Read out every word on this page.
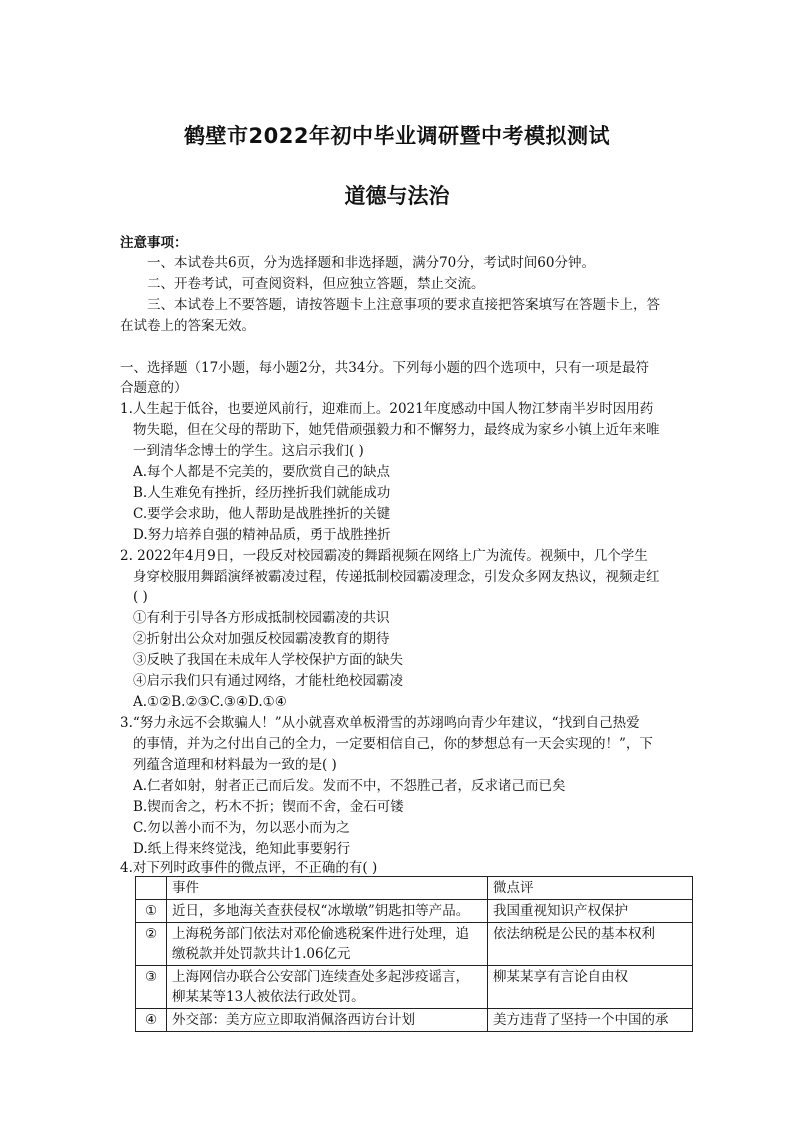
鹤壁市2022年初中毕业调研暨中考模拟测试
道德与法治
注意事项：
一、本试卷共6页，分为选择题和非选择题，满分70分，考试时间60分钟。
二、开卷考试，可查阅资料，但应独立答题，禁止交流。
三、本试卷上不要答题，请按答题卡上注意事项的要求直接把答案填写在答题卡上，答
在试卷上的答案无效。
一、选择题（17小题，每小题2分，共34分。下列每小题的四个选项中，只有一项是最符
合题意的）
1.人生起于低谷，也要逆风前行，迎难而上。2021年度感动中国人物江梦南半岁时因用药
物失聪，但在父母的帮助下，她凭借顽强毅力和不懈努力，最终成为家乡小镇上近年来唯
一到清华念博士的学生。这启示我们( )
A.每个人都是不完美的，要欣赏自己的缺点
B.人生难免有挫折，经历挫折我们就能成功
C.要学会求助，他人帮助是战胜挫折的关键
D.努力培养自强的精神品质，勇于战胜挫折
2. 2022年4月9日，一段反对校园霸凌的舞蹈视频在网络上广为流传。视频中，几个学生
身穿校服用舞蹈演绎被霸凌过程，传递抵制校园霸凌理念，引发众多网友热议，视频走红
( )
①有利于引导各方形成抵制校园霸凌的共识
②折射出公众对加强反校园霸凌教育的期待
③反映了我国在未成年人学校保护方面的缺失
④启示我们只有通过网络，才能杜绝校园霸凌
A.①②B.②③C.③④D.①④
3.“努力永远不会欺骗人！”从小就喜欢单板滑雪的苏翊鸣向青少年建议，“找到自己热爱
的事情，并为之付出自己的全力，一定要相信自己，你的梦想总有一天会实现的！”，下
列蕴含道理和材料最为一致的是( )
A.仁者如射，射者正己而后发。发而不中，不怨胜己者，反求诸己而已矣
B.锲而舍之，朽木不折；锲而不舍，金石可镂
C.勿以善小而不为，勿以恶小而为之
D.纸上得来终觉浅，绝知此事要躬行
4.对下列时政事件的微点评，不正确的有( )
	事件	微点评
①	近日，多地海关查获侵权“冰墩墩”钥匙扣等产品。	我国重视知识产权保护

②	上海税务部门依法对邓伦偷逃税案件进行处理，追
缴税款并处罚款共计1.06亿元	依法纳税是公民的基本权利

③	上海网信办联合公安部门连续查处多起涉疫谣言，
柳某某等13人被依法行政处罚。	柳某某享有言论自由权

④	外交部：美方应立即取消佩洛西访台计划	美方违背了坚持一个中国的承
